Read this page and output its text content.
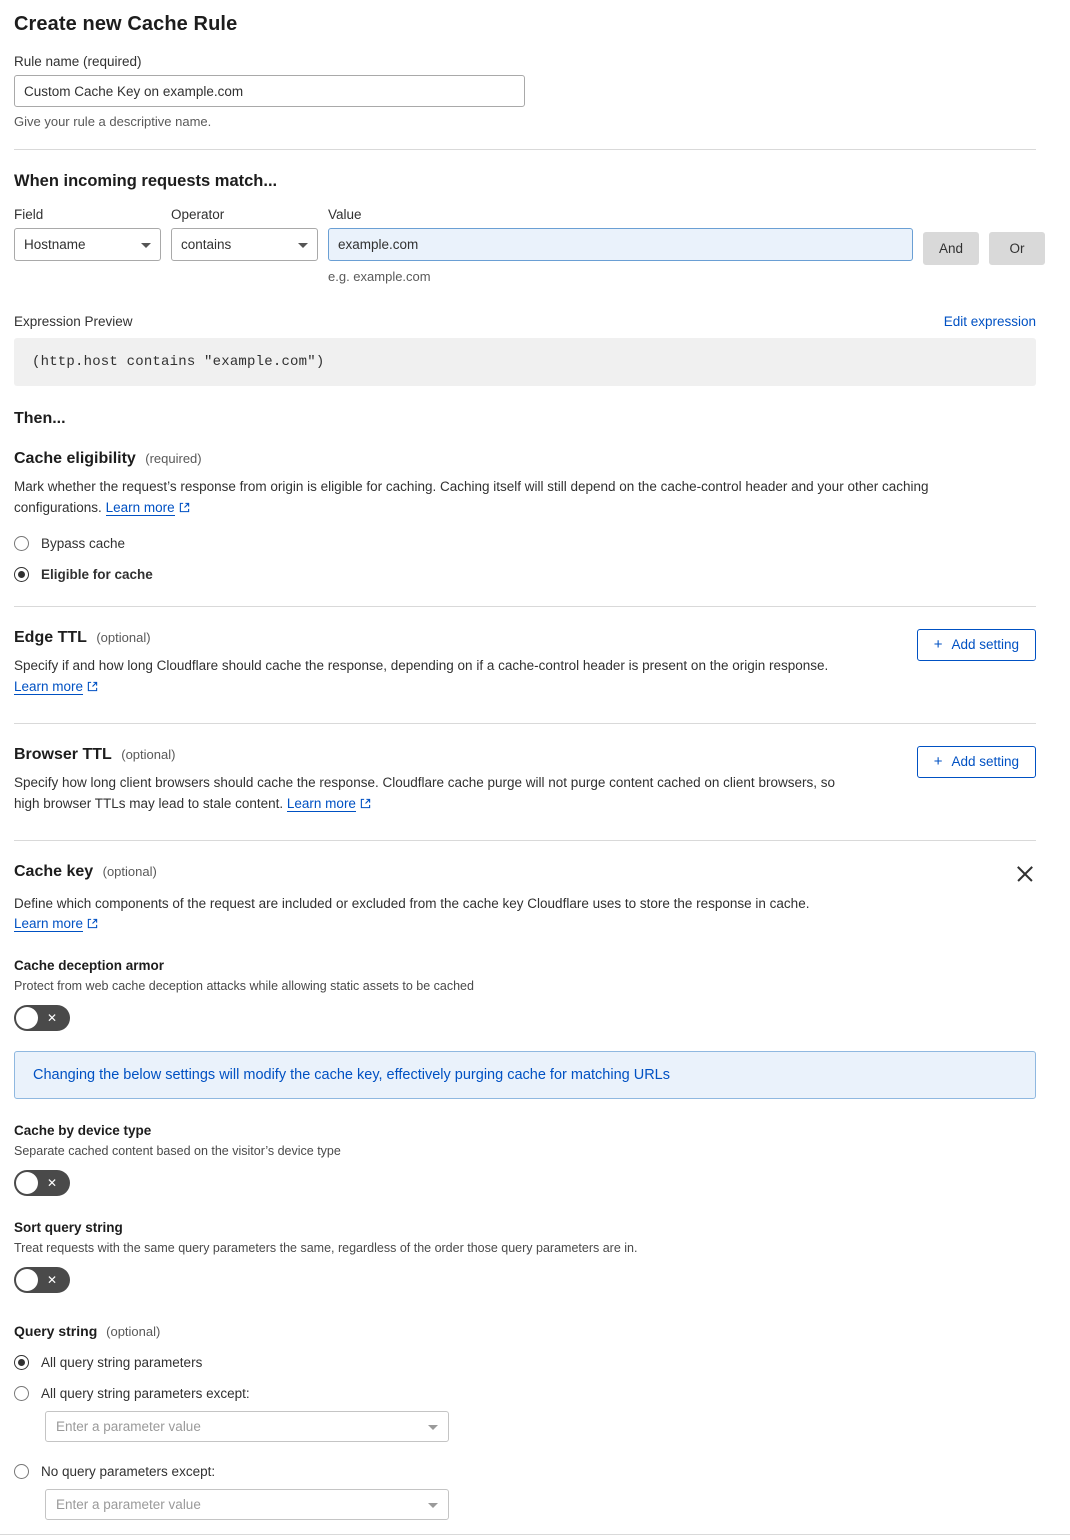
Create new Cache Rule
Rule name (required)
Custom Cache Key on example.com
Give your rule a descriptive name.
When incoming requests match...
Field
Hostname
Operator
contains
Value
example.com
e.g. example.com
And	Or
Expression Preview	Edit expression
(http.host contains "example.com")
Then...
Cache eligibility (required)
Mark whether the request’s response from origin is eligible for caching. Caching itself will still depend on the cache-control header and your other caching configurations. Learn more
Bypass cache
Eligible for cache
Edge TTL (optional)
Specify if and how long Cloudflare should cache the response, depending on if a cache-control header is present on the origin response. Learn more
+ Add setting
Browser TTL (optional)
Specify how long client browsers should cache the response. Cloudflare cache purge will not purge content cached on client browsers, so high browser TTLs may lead to stale content. Learn more
+ Add setting
Cache key (optional)
Define which components of the request are included or excluded from the cache key Cloudflare uses to store the response in cache.
Learn more
Cache deception armor
Protect from web cache deception attacks while allowing static assets to be cached
✕
Changing the below settings will modify the cache key, effectively purging cache for matching URLs
Cache by device type
Separate cached content based on the visitor’s device type
✕
Sort query string
Treat requests with the same query parameters the same, regardless of the order those query parameters are in.
✕
Query string (optional)
All query string parameters
All query string parameters except:
Enter a parameter value
No query parameters except:
Enter a parameter value
